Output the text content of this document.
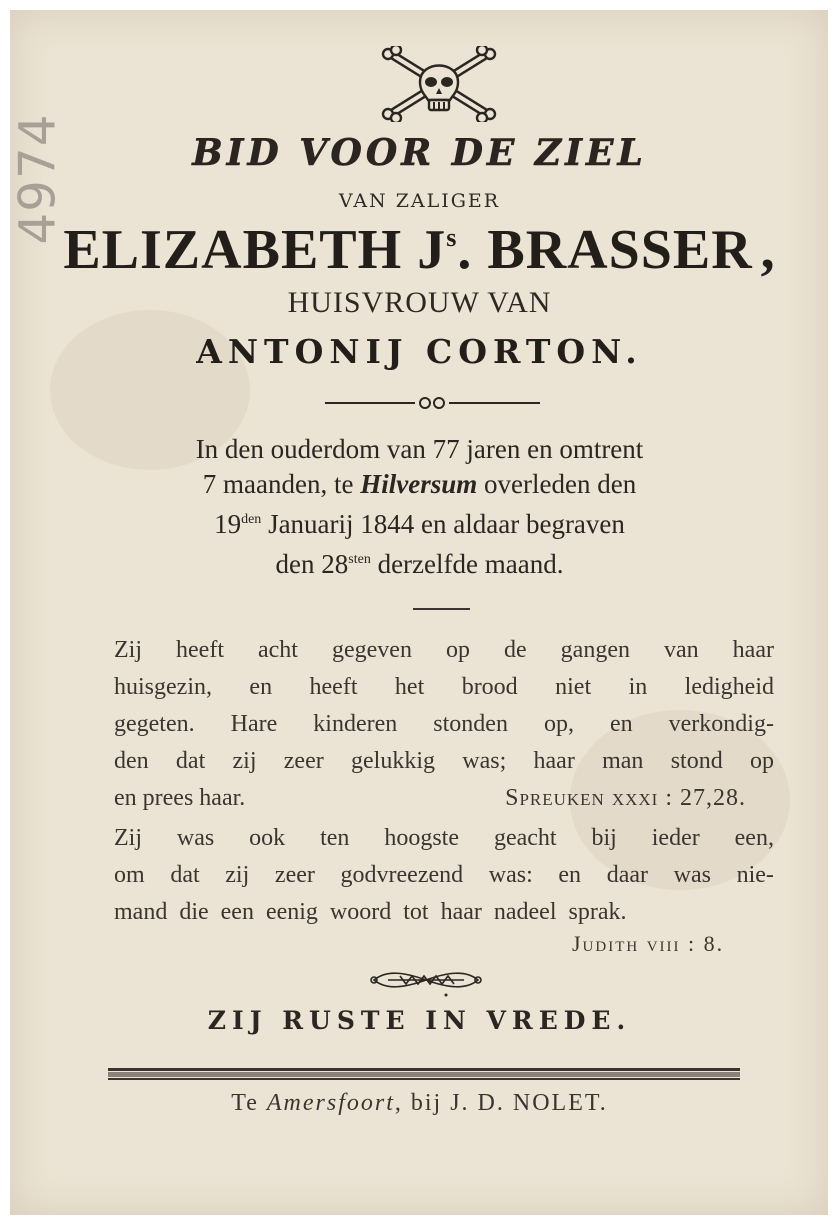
4974	BID VOOR DE ZIEL
VAN ZALIGER
ELIZABETH $J^s$. BRASSER ,
HUISVROUW VAN
ANTONIJ CORTON.
In den ouderdom van 77 jaren en omtrent
7 maanden, te Hilversum overleden den
$19^{den}$ Januarij 1844 en aldaar begraven
den $28^{sten}$ derzelfde maand.
Zij heeft acht gegeven op de gangen van haar
huisgezin, en heeft het brood niet in ledigheid
gegeten. Hare kinderen stonden op, en verkondig-
den dat zij zeer gelukkig was; haar man stond op
en prees haar.	Spreuken xxxi : 27,28.
Zij was ook ten hoogste geacht bij ieder een,
om dat zij zeer godvreezend was: en daar was nie-
mand die een eenig woord tot haar nadeel sprak.
Judith viii : 8.
ZIJ RUSTE IN VREDE.
Te Amersfoort, bij J. D. NOLET.
